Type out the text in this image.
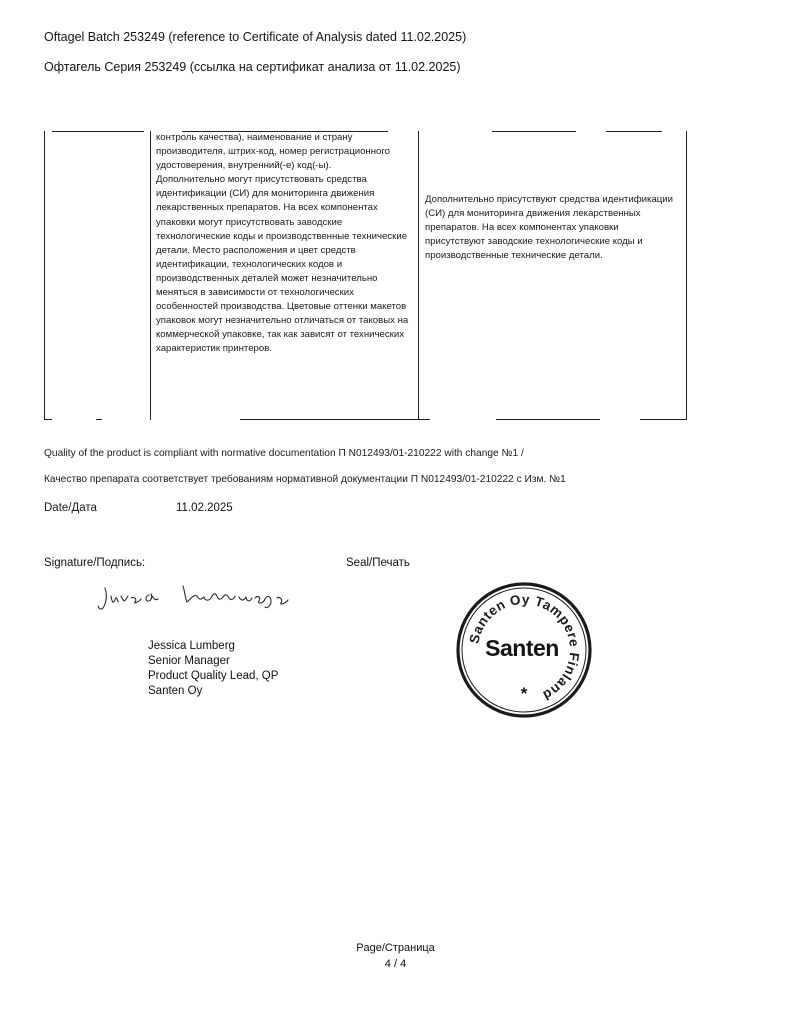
Oftagel Batch 253249 (reference to Certificate of Analysis dated 11.02.2025)
Офтагель Серия 253249 (ссылка на сертификат анализа от 11.02.2025)

контроль качества), наименование и страну производителя, штрих-код, номер регистрационного удостоверения, внутренний(-е) код(-ы).

Дополнительно могут присутствовать средства идентификации (СИ) для мониторинга движения лекарственных препаратов. На всех компонентах упаковки могут присутствовать заводские технологические коды и производственные технические детали. Место расположения и цвет средств идентификации, технологических кодов и производственных деталей может незначительно меняться в зависимости от технологических особенностей производства. Цветовые оттенки макетов упаковок могут незначительно отличаться от таковых на коммерческой упаковке, так как зависят от технических характеристик принтеров.

Дополнительно присутствуют средства идентификации (СИ) для мониторинга движения лекарственных препаратов. На всех компонентах упаковки присутствуют заводские технологические коды и производственные технические детали.
Quality of the product is compliant with normative documentation П N012493/01-210222 with change №1 /
Качество препарата соответствует требованиям нормативной документации П N012493/01-210222 с Изм. №1
Date/Дата	11.02.2025
Signature/Подпись:	Seal/Печать
Jessica Lumberg
Senior Manager
Product Quality Lead, QP
Santen Oy
Santen Oy Tampere Finland
Santen
*
Page/Страница
4 / 4
